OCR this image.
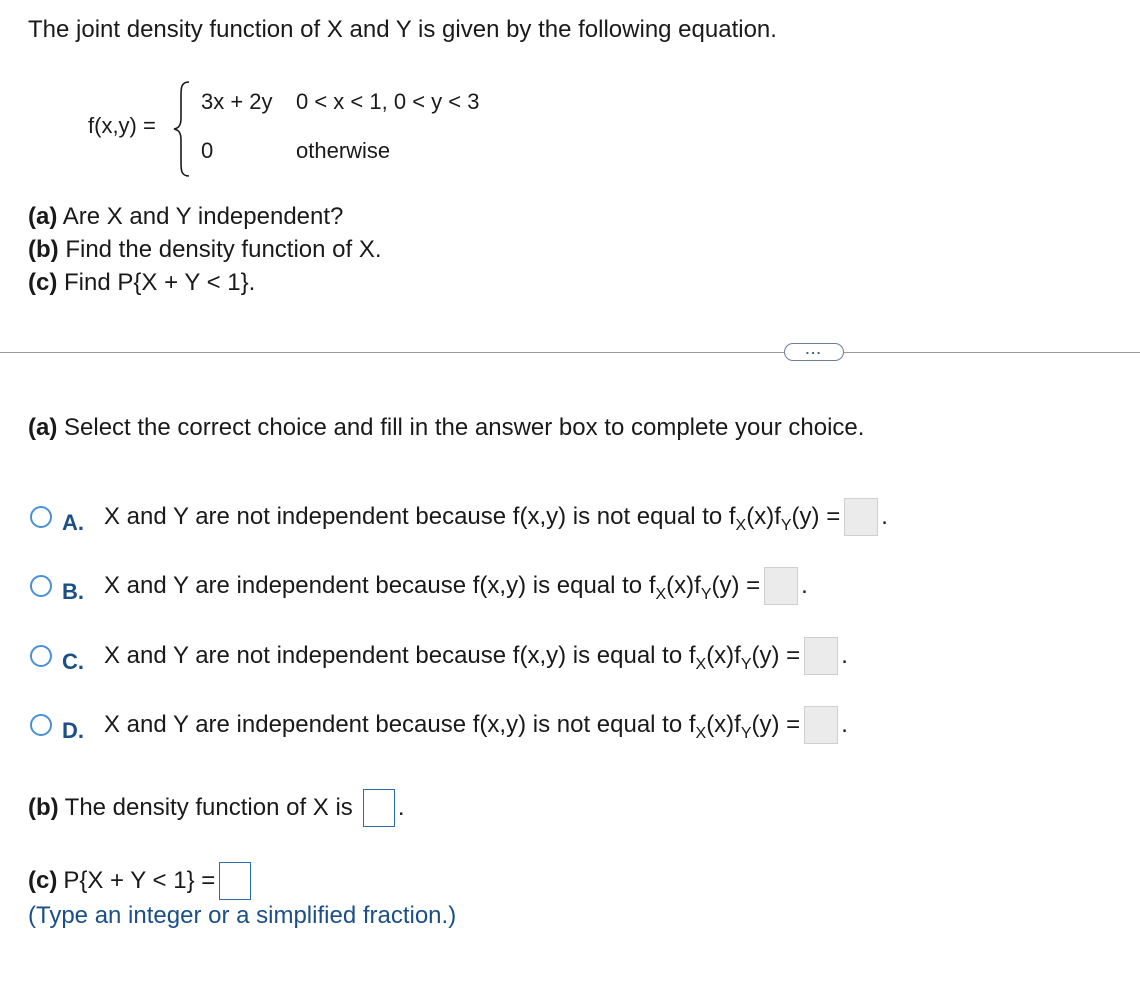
The joint density function of X and Y is given by the following equation.
f(x,y) =
3x + 2y 0 < x < 1, 0 < y < 3
0	otherwise
(a) Are X and Y independent?
(b) Find the density function of X.
(c) Find P{X + Y < 1}.
...
(a) Select the correct choice and fill in the answer box to complete your choice.
A. X and Y are not independent because f(x,y) is not equal to $f_X(x)f_Y(y)$ = .
B. X and Y are independent because f(x,y) is equal to $f_X(x)f_Y(y)$ = .
C. X and Y are not independent because f(x,y) is equal to $f_X(x)f_Y(y)$ = .
D. X and Y are independent because f(x,y) is not equal to $f_X(x)f_Y(y)$ = .
(b) The density function of X is .
(c) P{X + Y < 1} =
(Type an integer or a simplified fraction.)
